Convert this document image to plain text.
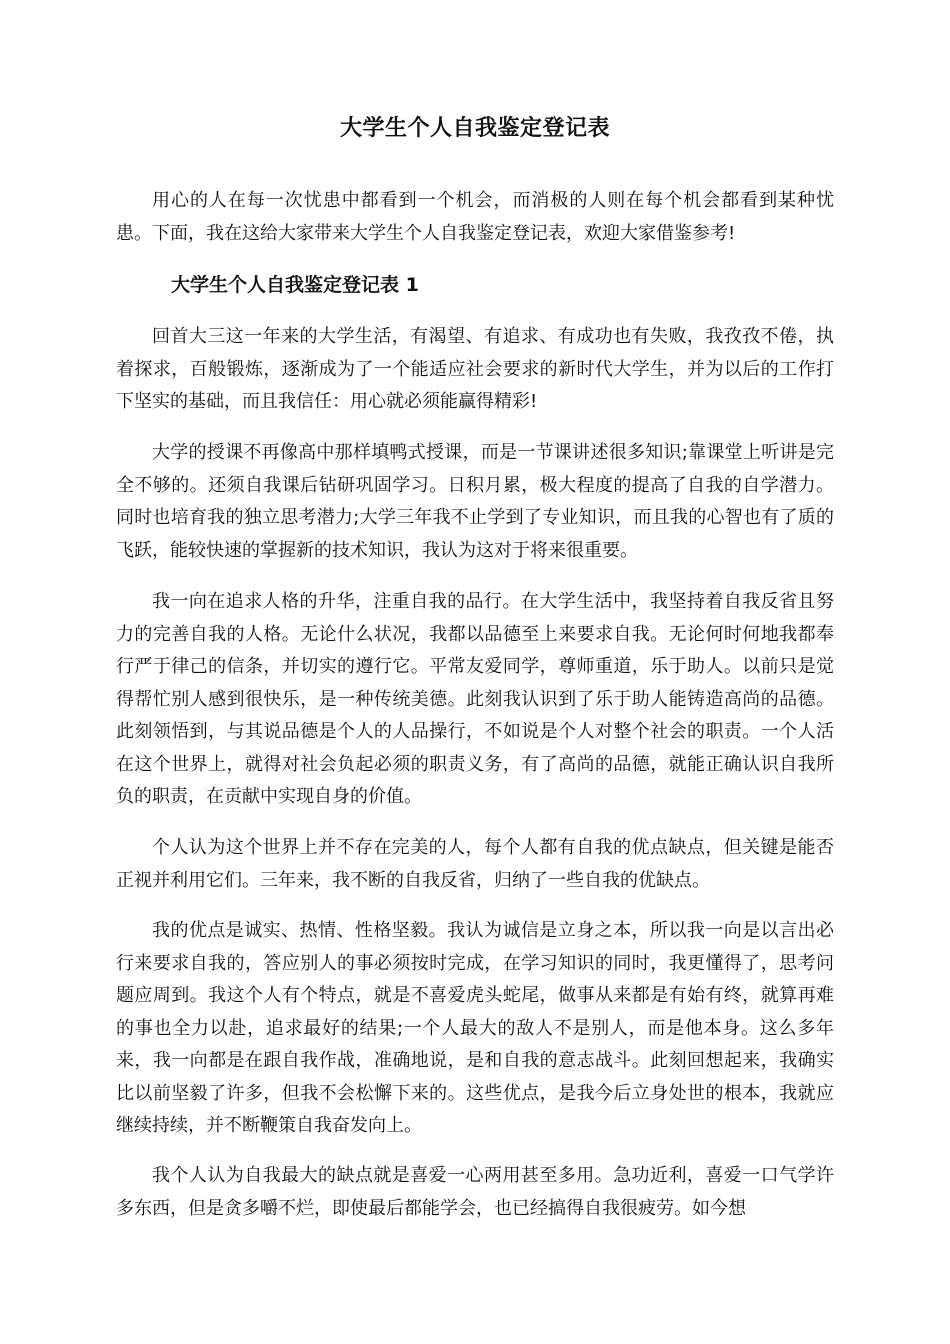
大学生个人自我鉴定登记表

用心的人在每一次忧患中都看到一个机会，而消极的人则在每个机会都看到某种忧患。下面，我在这给大家带来大学生个人自我鉴定登记表，欢迎大家借鉴参考!

大学生个人自我鉴定登记表 1

回首大三这一年来的大学生活，有渴望、有追求、有成功也有失败，我孜孜不倦，执着探求，百般锻炼，逐渐成为了一个能适应社会要求的新时代大学生，并为以后的工作打下坚实的基础，而且我信任：用心就必须能赢得精彩!

大学的授课不再像高中那样填鸭式授课，而是一节课讲述很多知识;靠课堂上听讲是完全不够的。还须自我课后钻研巩固学习。日积月累，极大程度的提高了自我的自学潜力。同时也培育我的独立思考潜力;大学三年我不止学到了专业知识，而且我的心智也有了质的飞跃，能较快速的掌握新的技术知识，我认为这对于将来很重要。

我一向在追求人格的升华，注重自我的品行。在大学生活中，我坚持着自我反省且努力的完善自我的人格。无论什么状况，我都以品德至上来要求自我。无论何时何地我都奉行严于律己的信条，并切实的遵行它。平常友爱同学，尊师重道，乐于助人。以前只是觉得帮忙别人感到很快乐，是一种传统美德。此刻我认识到了乐于助人能铸造高尚的品德。此刻领悟到，与其说品德是个人的人品操行，不如说是个人对整个社会的职责。一个人活在这个世界上，就得对社会负起必须的职责义务，有了高尚的品德，就能正确认识自我所负的职责，在贡献中实现自身的价值。

个人认为这个世界上并不存在完美的人，每个人都有自我的优点缺点，但关键是能否正视并利用它们。三年来，我不断的自我反省，归纳了一些自我的优缺点。

我的优点是诚实、热情、性格坚毅。我认为诚信是立身之本，所以我一向是以言出必行来要求自我的，答应别人的事必须按时完成，在学习知识的同时，我更懂得了，思考问题应周到。我这个人有个特点，就是不喜爱虎头蛇尾，做事从来都是有始有终，就算再难的事也全力以赴，追求最好的结果;一个人最大的敌人不是别人，而是他本身。这么多年来，我一向都是在跟自我作战，准确地说，是和自我的意志战斗。此刻回想起来，我确实比以前坚毅了许多，但我不会松懈下来的。这些优点，是我今后立身处世的根本，我就应继续持续，并不断鞭策自我奋发向上。

我个人认为自我最大的缺点就是喜爱一心两用甚至多用。急功近利，喜爱一口气学许多东西，但是贪多嚼不烂，即使最后都能学会，也已经搞得自我很疲劳。如今想
